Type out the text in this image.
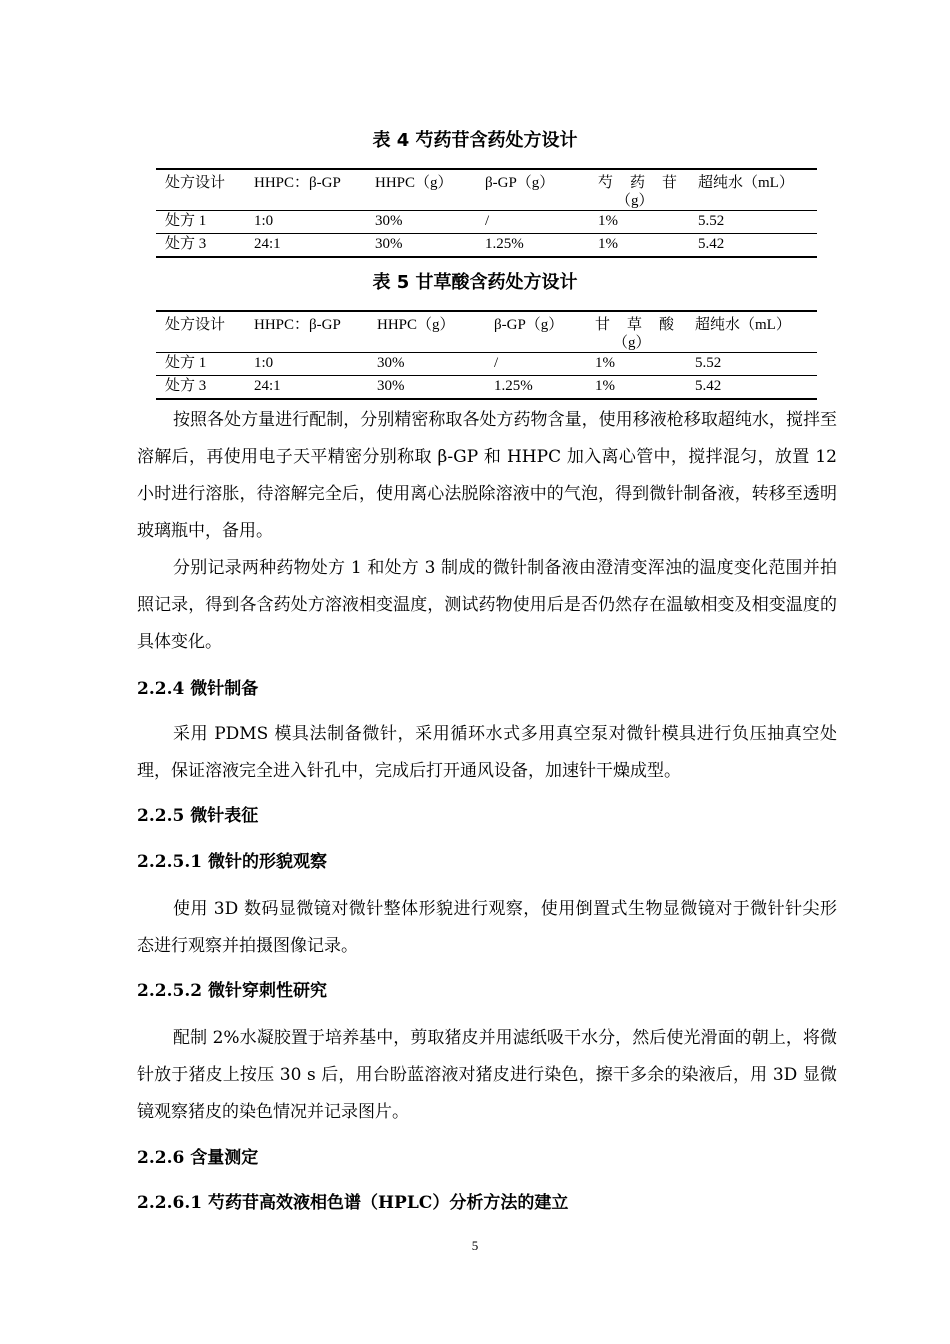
表 4 芍药苷含药处方设计
处方设计	HHPC：β-GP	HHPC（g）	β-GP（g）	芍 药 苷
（g）	超纯水（mL）
处方 1	1:0	30%	/	1%	5.52
处方 3	24:1	30%	1.25%	1%	5.42
表 5 甘草酸含药处方设计
处方设计	HHPC：β-GP	HHPC（g）	β-GP（g）	甘 草 酸
（g）	超纯水（mL）
处方 1	1:0	30%	/	1%	5.52
处方 3	24:1	30%	1.25%	1%	5.42

按照各处方量进行配制，分别精密称取各处方药物含量，使用移液枪移取超纯水，搅拌至溶解后，再使用电子天平精密分别称取 β-GP 和 HHPC 加入离心管中，搅拌混匀，放置 12 小时进行溶胀，待溶解完全后，使用离心法脱除溶液中的气泡，得到微针制备液，转移至透明玻璃瓶中，备用。

分别记录两种药物处方 1 和处方 3 制成的微针制备液由澄清变浑浊的温度变化范围并拍照记录，得到各含药处方溶液相变温度，测试药物使用后是否仍然存在温敏相变及相变温度的具体变化。

2.2.4 微针制备

采用 PDMS 模具法制备微针，采用循环水式多用真空泵对微针模具进行负压抽真空处理，保证溶液完全进入针孔中，完成后打开通风设备，加速针干燥成型。

2.2.5 微针表征
2.2.5.1 微针的形貌观察

使用 3D 数码显微镜对微针整体形貌进行观察，使用倒置式生物显微镜对于微针针尖形态进行观察并拍摄图像记录。

2.2.5.2 微针穿刺性研究

配制 2%水凝胶置于培养基中，剪取猪皮并用滤纸吸干水分，然后使光滑面的朝上，将微针放于猪皮上按压 30 s 后，用台盼蓝溶液对猪皮进行染色，擦干多余的染液后，用 3D 显微镜观察猪皮的染色情况并记录图片。

2.2.6 含量测定
2.2.6.1 芍药苷高效液相色谱（HPLC）分析方法的建立
5
